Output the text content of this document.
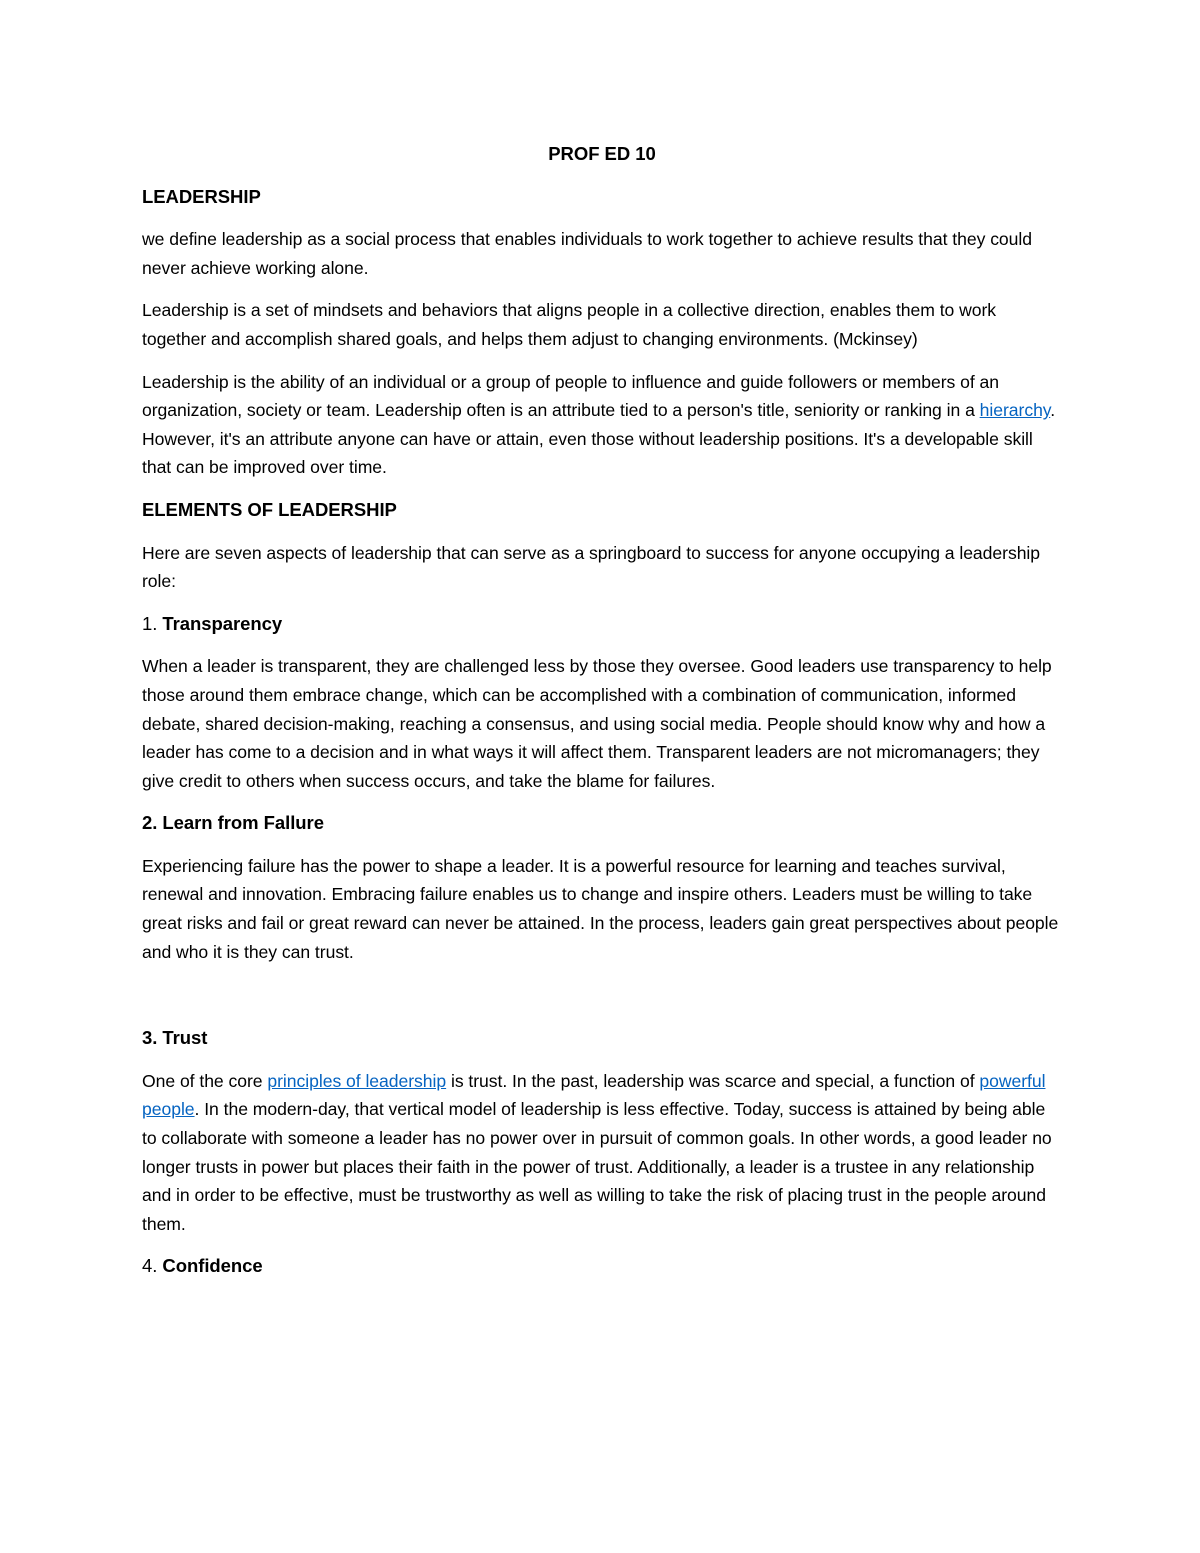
PROF ED 10
LEADERSHIP

we define leadership as a social process that enables individuals to work together to achieve results that they could never achieve working alone.

Leadership is a set of mindsets and behaviors that aligns people in a collective direction, enables them to work together and accomplish shared goals, and helps them adjust to changing environments. (Mckinsey)

Leadership is the ability of an individual or a group of people to influence and guide followers or members of an organization, society or team. Leadership often is an attribute tied to a person's title, seniority or ranking in a hierarchy. However, it's an attribute anyone can have or attain, even those without leadership positions. It's a developable skill that can be improved over time.

ELEMENTS OF LEADERSHIP

Here are seven aspects of leadership that can serve as a springboard to success for anyone occupying a leadership role:

1. Transparency

When a leader is transparent, they are challenged less by those they oversee. Good leaders use transparency to help those around them embrace change, which can be accomplished with a combination of communication, informed debate, shared decision-making, reaching a consensus, and using social media. People should know why and how a leader has come to a decision and in what ways it will affect them. Transparent leaders are not micromanagers; they give credit to others when success occurs, and take the blame for failures.

2. Learn from Fallure

Experiencing failure has the power to shape a leader. It is a powerful resource for learning and teaches survival, renewal and innovation. Embracing failure enables us to change and inspire others. Leaders must be willing to take great risks and fail or great reward can never be attained. In the process, leaders gain great perspectives about people and who it is they can trust.

3. Trust

One of the core principles of leadership is trust. In the past, leadership was scarce and special, a function of powerful people. In the modern-day, that vertical model of leadership is less effective. Today, success is attained by being able to collaborate with someone a leader has no power over in pursuit of common goals. In other words, a good leader no longer trusts in power but places their faith in the power of trust. Additionally, a leader is a trustee in any relationship and in order to be effective, must be trustworthy as well as willing to take the risk of placing trust in the people around them.

4. Confidence
